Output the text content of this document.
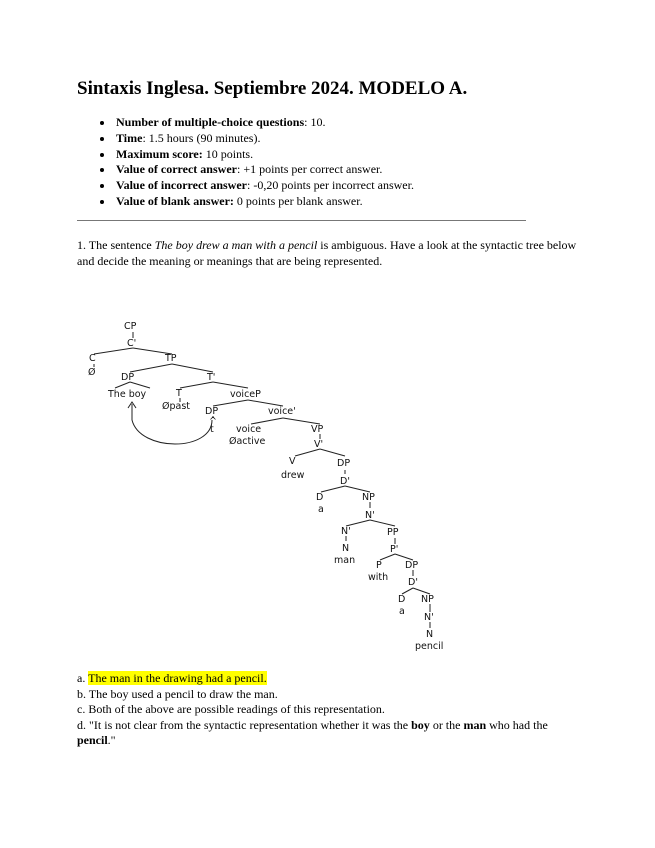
Sintaxis Inglesa. Septiembre 2024. MODELO A.
Number of multiple-choice questions: 10.
Time: 1.5 hours (90 minutes).
Maximum score: 10 points.
Value of correct answer: +1 points per correct answer.
Value of incorrect answer: -0,20 points per incorrect answer.
Value of blank answer: 0 points per blank answer.

1. The sentence The boy drew a man with a pencil is ambiguous. Have a look at the syntactic tree below and decide the meaning or meanings that are being represented.

CP
C'
C
Ø
TP
DP
The boy
T'
T
Øpast
voiceP
DP
^
t
voice'
voice
Øactive
VP
V'
V
drew
DP
D'
D
a
NP
N'
N'
N
man
PP
P'
P
with
DP
D'
D
a
NP
N'
N
pencil
a. The man in the drawing had a pencil.
b. The boy used a pencil to draw the man.
c. Both of the above are possible readings of this representation.
d. "It is not clear from the syntactic representation whether it was the boy or the man who had the pencil."
